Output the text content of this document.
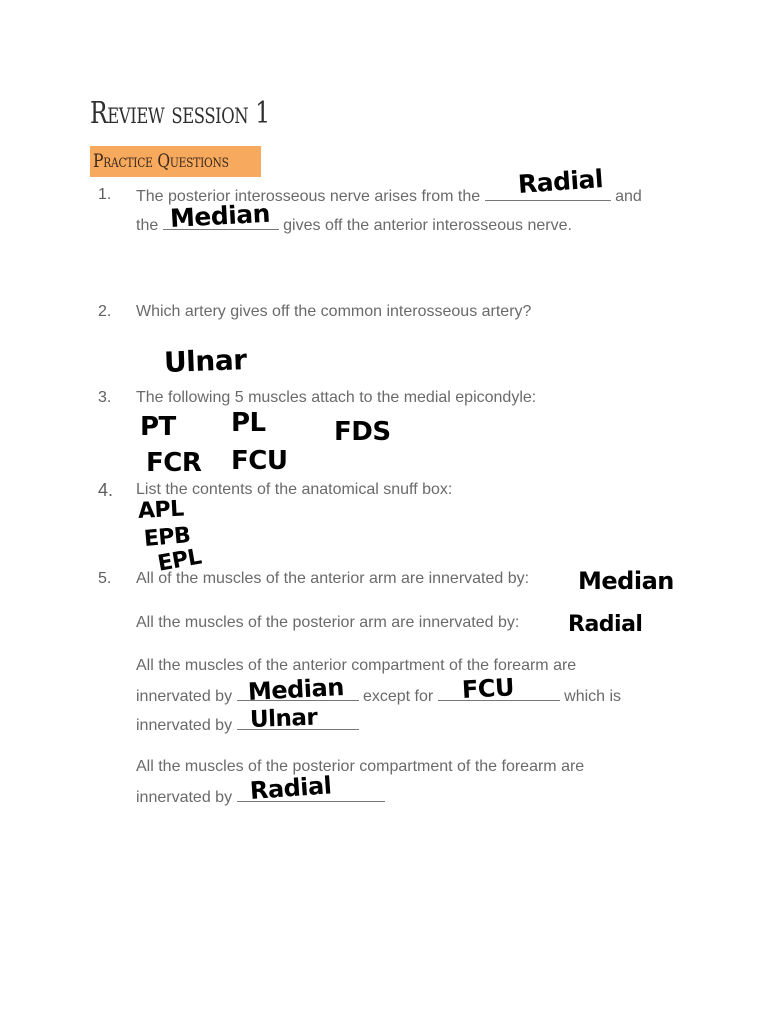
Review session 1
Practice Questions
1. The posterior interosseous nerve arises from the	and
the	gives off the anterior interosseous nerve.
Radial
Median
2. Which artery gives off the common interosseous artery?
Ulnar
3. The following 5 muscles attach to the medial epicondyle:
PT PL	FDS
FCR FCU
4. List the contents of the anatomical snuff box:
APL
EPB
EPL
5. All of the muscles of the anterior arm are innervated by: Median
All the muscles of the posterior arm are innervated by: Radial
All the muscles of the anterior compartment of the forearm are
innervated by	except for	which is
innervated by
Median	FCU
Ulnar
All the muscles of the posterior compartment of the forearm are
innervated by Radial
